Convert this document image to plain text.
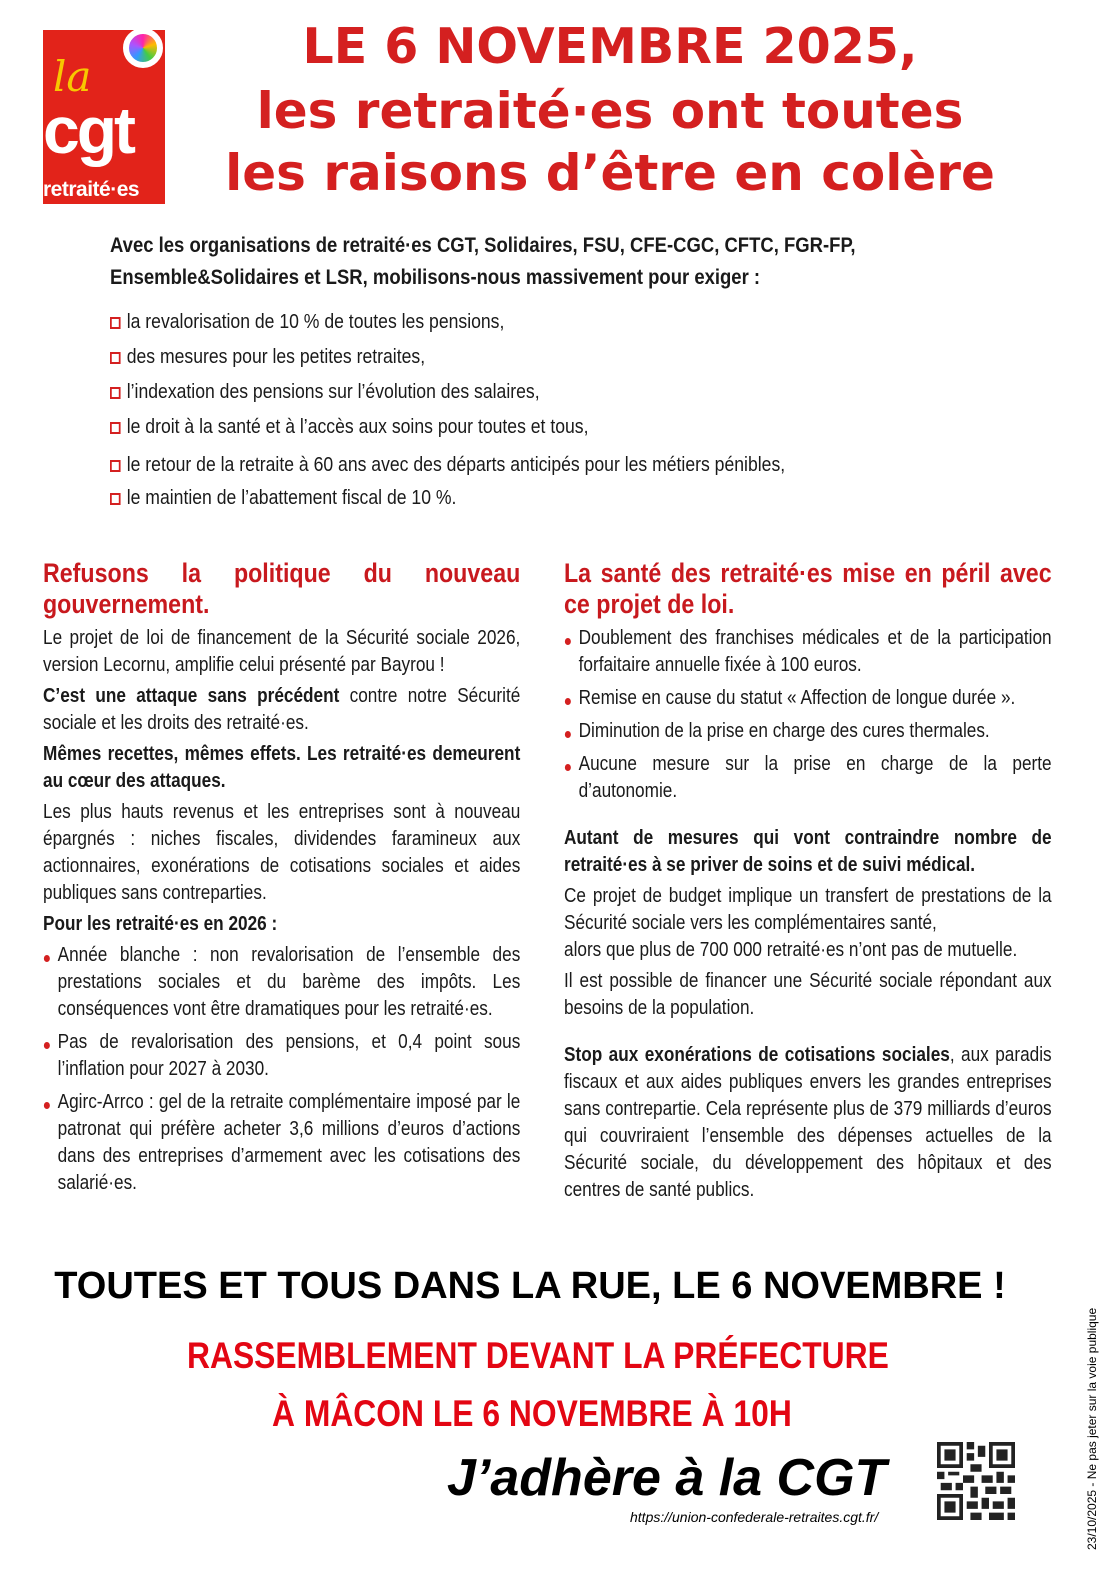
la
cgt
retraité·es
LE 6 NOVEMBRE 2025,
les retraité·es ont toutes
les raisons d’être en colère
Avec les organisations de retraité·es CGT, Solidaires, FSU, CFE-CGC, CFTC, FGR-FP,
Ensemble&Solidaires et LSR, mobilisons-nous massivement pour exiger :
la revalorisation de 10 % de toutes les pensions,
des mesures pour les petites retraites,
l’indexation des pensions sur l’évolution des salaires,
le droit à la santé et à l’accès aux soins pour toutes et tous,
le retour de la retraite à 60 ans avec des départs anticipés pour les métiers pénibles,
le maintien de l’abattement fiscal de 10 %.
Refusons la politique du nouveau gouvernement.

Le projet de loi de financement de la Sécurité sociale 2026, version Lecornu, amplifie celui présenté par Bayrou !

C’est une attaque sans précédent contre notre Sécurité sociale et les droits des retraité·es.

Mêmes recettes, mêmes effets. Les retraité·es demeurent au cœur des attaques.

Les plus hauts revenus et les entreprises sont à nouveau épargnés : niches fiscales, dividendes faramineux aux actionnaires, exonérations de cotisations sociales et aides publiques sans contreparties.

Pour les retraité·es en 2026 :

Année blanche : non revalorisation de l’ensemble des prestations sociales et du barème des impôts. Les conséquences vont être dramatiques pour les retraité·es.
Pas de revalorisation des pensions, et 0,4 point sous l’inflation pour 2027 à 2030.
Agirc-Arrco : gel de la retraite complémentaire imposé par le patronat qui préfère acheter 3,6 millions d’euros d’actions dans des entreprises d’armement avec les cotisations des salarié·es.
La santé des retraité·es mise en péril avec ce projet de loi.
Doublement des franchises médicales et de la participation forfaitaire annuelle fixée à 100 euros.
Remise en cause du statut « Affection de longue durée ».
Diminution de la prise en charge des cures thermales.
Aucune mesure sur la prise en charge de la perte d’autonomie.

Autant de mesures qui vont contraindre nombre de retraité·es à se priver de soins et de suivi médical.

Ce projet de budget implique un transfert de prestations de la Sécurité sociale vers les complémentaires santé,

alors que plus de 700 000 retraité·es n’ont pas de mutuelle.

Il est possible de financer une Sécurité sociale répondant aux besoins de la population.

Stop aux exonérations de cotisations sociales, aux paradis fiscaux et aux aides publiques envers les grandes entreprises sans contrepartie. Cela représente plus de 379 milliards d’euros qui couvriraient l’ensemble des dépenses actuelles de la Sécurité sociale, du développement des hôpitaux et des centres de santé publics.

TOUTES ET TOUS DANS LA RUE, LE 6 NOVEMBRE !
RASSEMBLEMENT DEVANT LA PRÉFECTURE
À MÂCON LE 6 NOVEMBRE À 10H
J’adhère à la CGT
https://union-confederale-retraites.cgt.fr/	23/10/2025 - Ne pas jeter sur la voie publique
